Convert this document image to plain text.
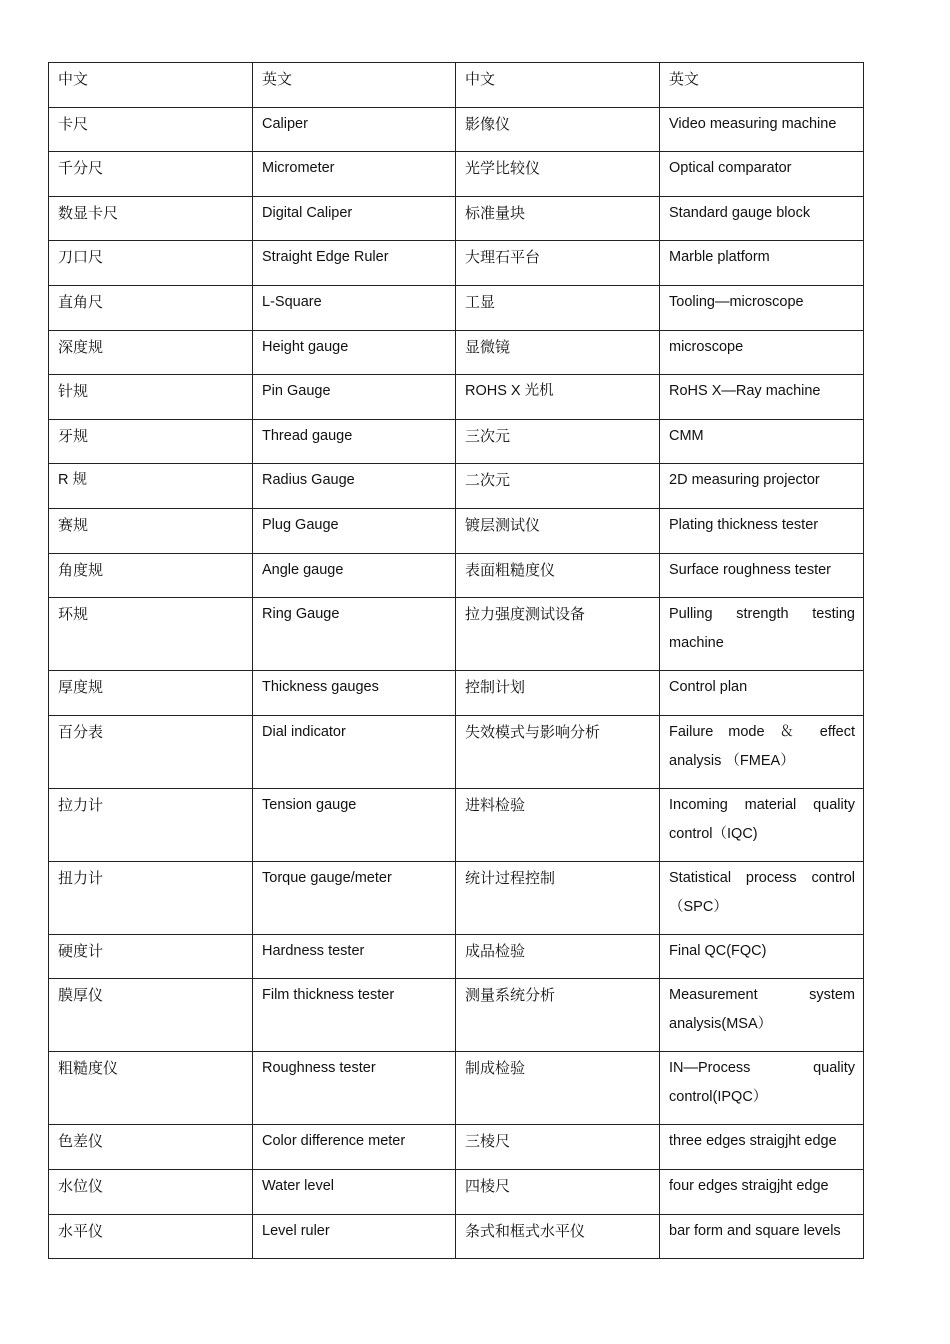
中文	英文	中文	英文

卡尺	Caliper	影像仪	Video measuring machine

千分尺	Micrometer	光学比较仪	Optical comparator

数显卡尺	Digital Caliper	标准量块	Standard gauge block

刀口尺	Straight Edge Ruler	大理石平台	Marble platform

直角尺	L-Square	工显	Tooling—microscope

深度规	Height gauge	显微镜	microscope

针规	Pin Gauge	ROHS X 光机	RoHS X—Ray machine

牙规	Thread gauge	三次元	CMM

R 规	Radius Gauge	二次元	2D measuring projector

赛规	Plug Gauge	镀层测试仪	Plating thickness tester

角度规	Angle gauge	表面粗糙度仪	Surface roughness tester

环规	Ring Gauge	拉力强度测试设备	Pulling strength testing machine

厚度规	Thickness gauges	控制计划	Control plan

百分表	Dial indicator	失效模式与影响分析	Failure mode ＆ effect analysis （FMEA）

拉力计	Tension gauge	进料检验	Incoming material quality control（IQC)

扭力计	Torque gauge/meter	统计过程控制	Statistical process control（SPC）

硬度计	Hardness tester	成品检验	Final QC(FQC)

膜厚仪	Film thickness tester	测量系统分析	Measurement system analysis(MSA）

粗糙度仪	Roughness tester	制成检验	IN—Process quality control(IPQC）

色差仪	Color difference meter	三棱尺	three edges straigjht edge

水位仪	Water level	四棱尺	four edges straigjht edge

水平仪	Level ruler	条式和框式水平仪	bar form and square levels
